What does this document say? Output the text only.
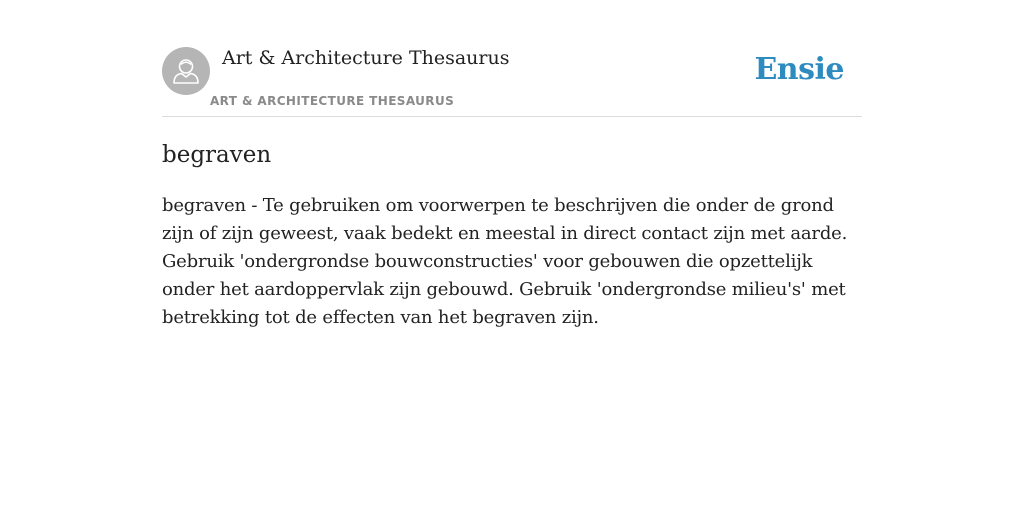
Art & Architecture Thesaurus
ART & ARCHITECTURE THESAURUS
Ensie
begraven

begraven - Te gebruiken om voorwerpen te beschrijven die onder de grond zijn of zijn geweest, vaak bedekt en meestal in direct contact zijn met aarde. Gebruik 'ondergrondse bouwconstructies' voor gebouwen die opzettelijk onder het aardoppervlak zijn gebouwd. Gebruik 'ondergrondse milieu's' met betrekking tot de effecten van het begraven zijn.
